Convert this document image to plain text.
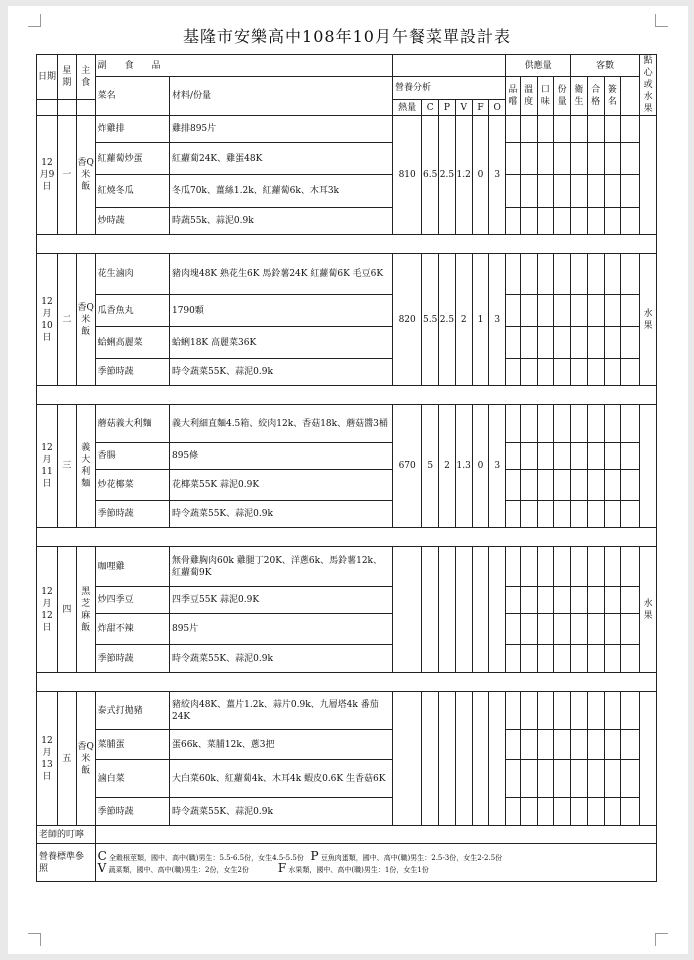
基隆市安樂高中108年10月午餐菜單設計表
日期	星期	主食	副　　食　　品								供應量				客數				點心或水果
			菜名	材料/份量	營養分析						品嚐	溫度	口味	份量	衛生	合格	簽名		
					熱量	C	P	V	F	O									
12月9日	一	香Q米飯	炸雞排	雞排895片	810	6.5	2.5	1.2	0	3									
			紅蘿蔔炒蛋	紅蘿蔔24K、雞蛋48K															
			紅燒冬瓜	冬瓜70k、薑絲1.2k、紅蘿蔔6k、木耳3k															
			炒時蔬	時蔬55k、蒜泥0.9k															

12月10日	二	香Q米飯	花生滷肉	豬肉塊48K 熟花生6K 馬鈴薯24K 紅蘿蔔6K 毛豆6K	820	5.5	2.5	2	1	3									水果
			瓜香魚丸	1790顆															
			蛤蜊高麗菜	蛤蜊18K 高麗菜36K															
			季節時蔬	時令蔬菜55K、蒜泥0.9k															

12月11日	三	義大利麵	蘑菇義大利麵	義大利細直麵4.5箱、絞肉12k、香菇18k、蘑菇醬3桶	670	5	2	1.3	0	3									
			香腸	895條															
			炒花椰菜	花椰菜55K 蒜泥0.9K															
			季節時蔬	時令蔬菜55K、蒜泥0.9k															

12月12日	四	黑芝麻飯	咖哩雞	無骨雞胸肉60k 雞腿丁20K、洋蔥6k、馬鈴薯12k、紅蘿蔔9K															水果
			炒四季豆	四季豆55K 蒜泥0.9K															
			炸甜不辣	895片															
			季節時蔬	時令蔬菜55K、蒜泥0.9k															

12月13日	五	香Q米飯	泰式打拋豬	豬絞肉48K、薑片1.2k、蒜片0.9k、九層塔4k 番茄24K															
			菜脯蛋	蛋66k、菜脯12k、蔥3把															
			滷白菜	大白菜60k、紅蘿蔔4k、木耳4k 蝦皮0.6K 生香菇6K															
			季節時蔬	時令蔬菜55K、蒜泥0.9k															
老師的叮嚀																			
營養標準參照			C 全穀根莖類，國中、高中(職)男生：5.5-6.5份，女生4.5-5.5份 P 豆魚肉蛋類，國中、高中(職)男生：2.5-3份，女生2-2.5份
V 蔬菜類，國中、高中(職)男生：2份，女生2份 F 水果類，國中、高中(職)男生：1份，女生1份																
